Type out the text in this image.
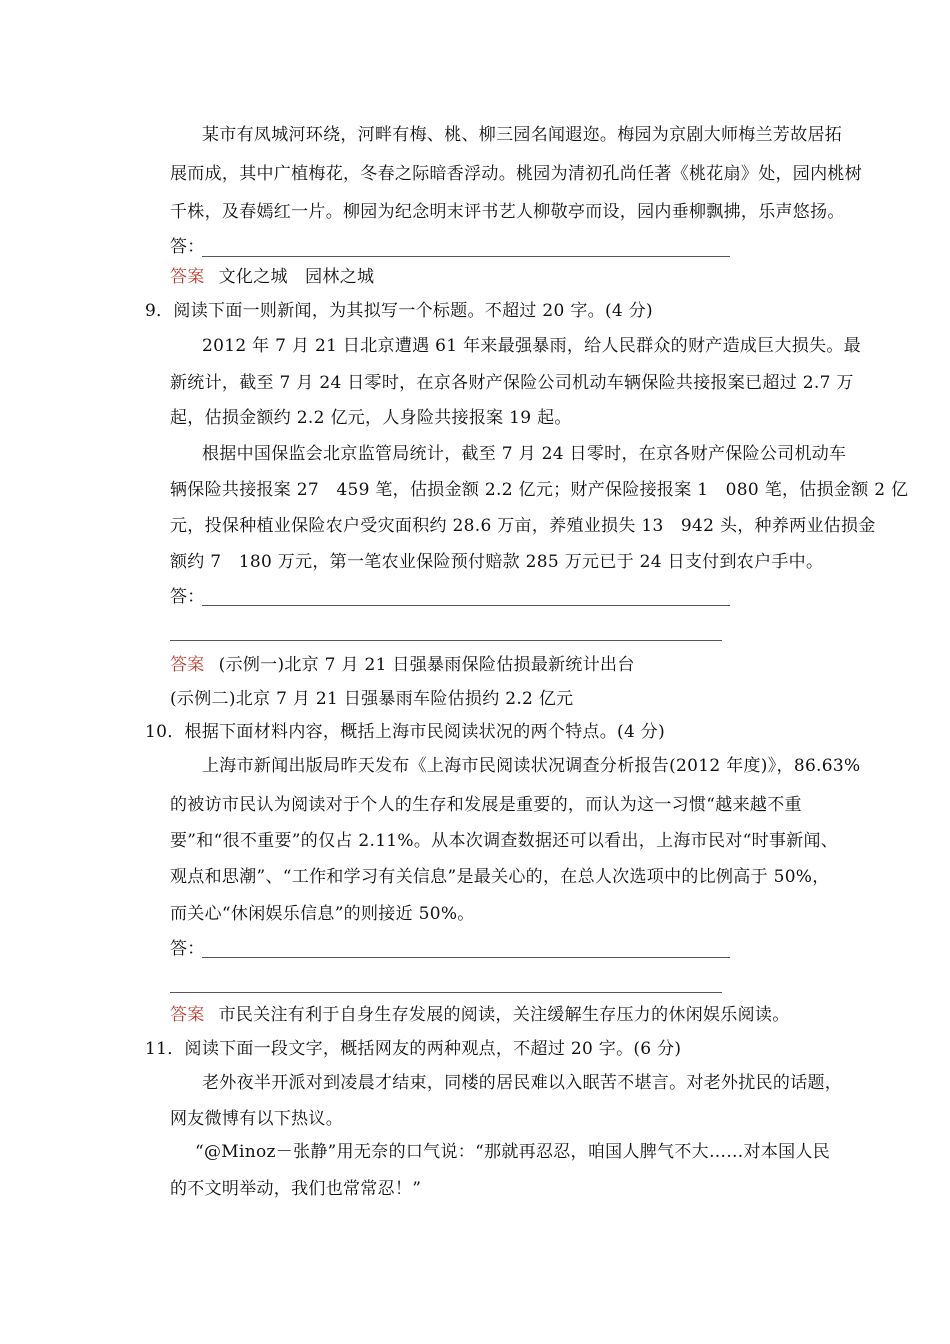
某市有凤城河环绕，河畔有梅、桃、柳三园名闻遐迩。梅园为京剧大师梅兰芳故居拓
展而成，其中广植梅花，冬春之际暗香浮动。桃园为清初孔尚任著《桃花扇》处，园内桃树
千株，及春嫣红一片。柳园为纪念明末评书艺人柳敬亭而设，园内垂柳飘拂，乐声悠扬。
答：
答案 文化之城　园林之城
9．阅读下面一则新闻，为其拟写一个标题。不超过 20 字。(4 分)
2012 年 7 月 21 日北京遭遇 61 年来最强暴雨，给人民群众的财产造成巨大损失。最
新统计，截至 7 月 24 日零时，在京各财产保险公司机动车辆保险共接报案已超过 2.7 万
起，估损金额约 2.2 亿元，人身险共接报案 19 起。
根据中国保监会北京监管局统计，截至 7 月 24 日零时，在京各财产保险公司机动车
辆保险共接报案 27　459 笔，估损金额 2.2 亿元；财产保险接报案 1　080 笔，估损金额 2 亿
元，投保种植业保险农户受灾面积约 28.6 万亩，养殖业损失 13　942 头，种养两业估损金
额约 7　180 万元，第一笔农业保险预付赔款 285 万元已于 24 日支付到农户手中。
答：
答案 (示例一)北京 7 月 21 日强暴雨保险估损最新统计出台
(示例二)北京 7 月 21 日强暴雨车险估损约 2.2 亿元
10．根据下面材料内容，概括上海市民阅读状况的两个特点。(4 分)
上海市新闻出版局昨天发布《上海市民阅读状况调查分析报告(2012 年度)》，86.63%
的被访市民认为阅读对于个人的生存和发展是重要的，而认为这一习惯“越来越不重
要”和“很不重要”的仅占 2.11%。从本次调查数据还可以看出，上海市民对“时事新闻、
观点和思潮”、“工作和学习有关信息”是最关心的，在总人次选项中的比例高于 50%，
而关心“休闲娱乐信息”的则接近 50%。
答：
答案 市民关注有利于自身生存发展的阅读，关注缓解生存压力的休闲娱乐阅读。
11．阅读下面一段文字，概括网友的两种观点，不超过 20 字。(6 分)
老外夜半开派对到凌晨才结束，同楼的居民难以入眠苦不堪言。对老外扰民的话题，
网友微博有以下热议。
“@Minoz－张静”用无奈的口气说：“那就再忍忍，咱国人脾气不大……对本国人民
的不文明举动，我们也常常忍！”
